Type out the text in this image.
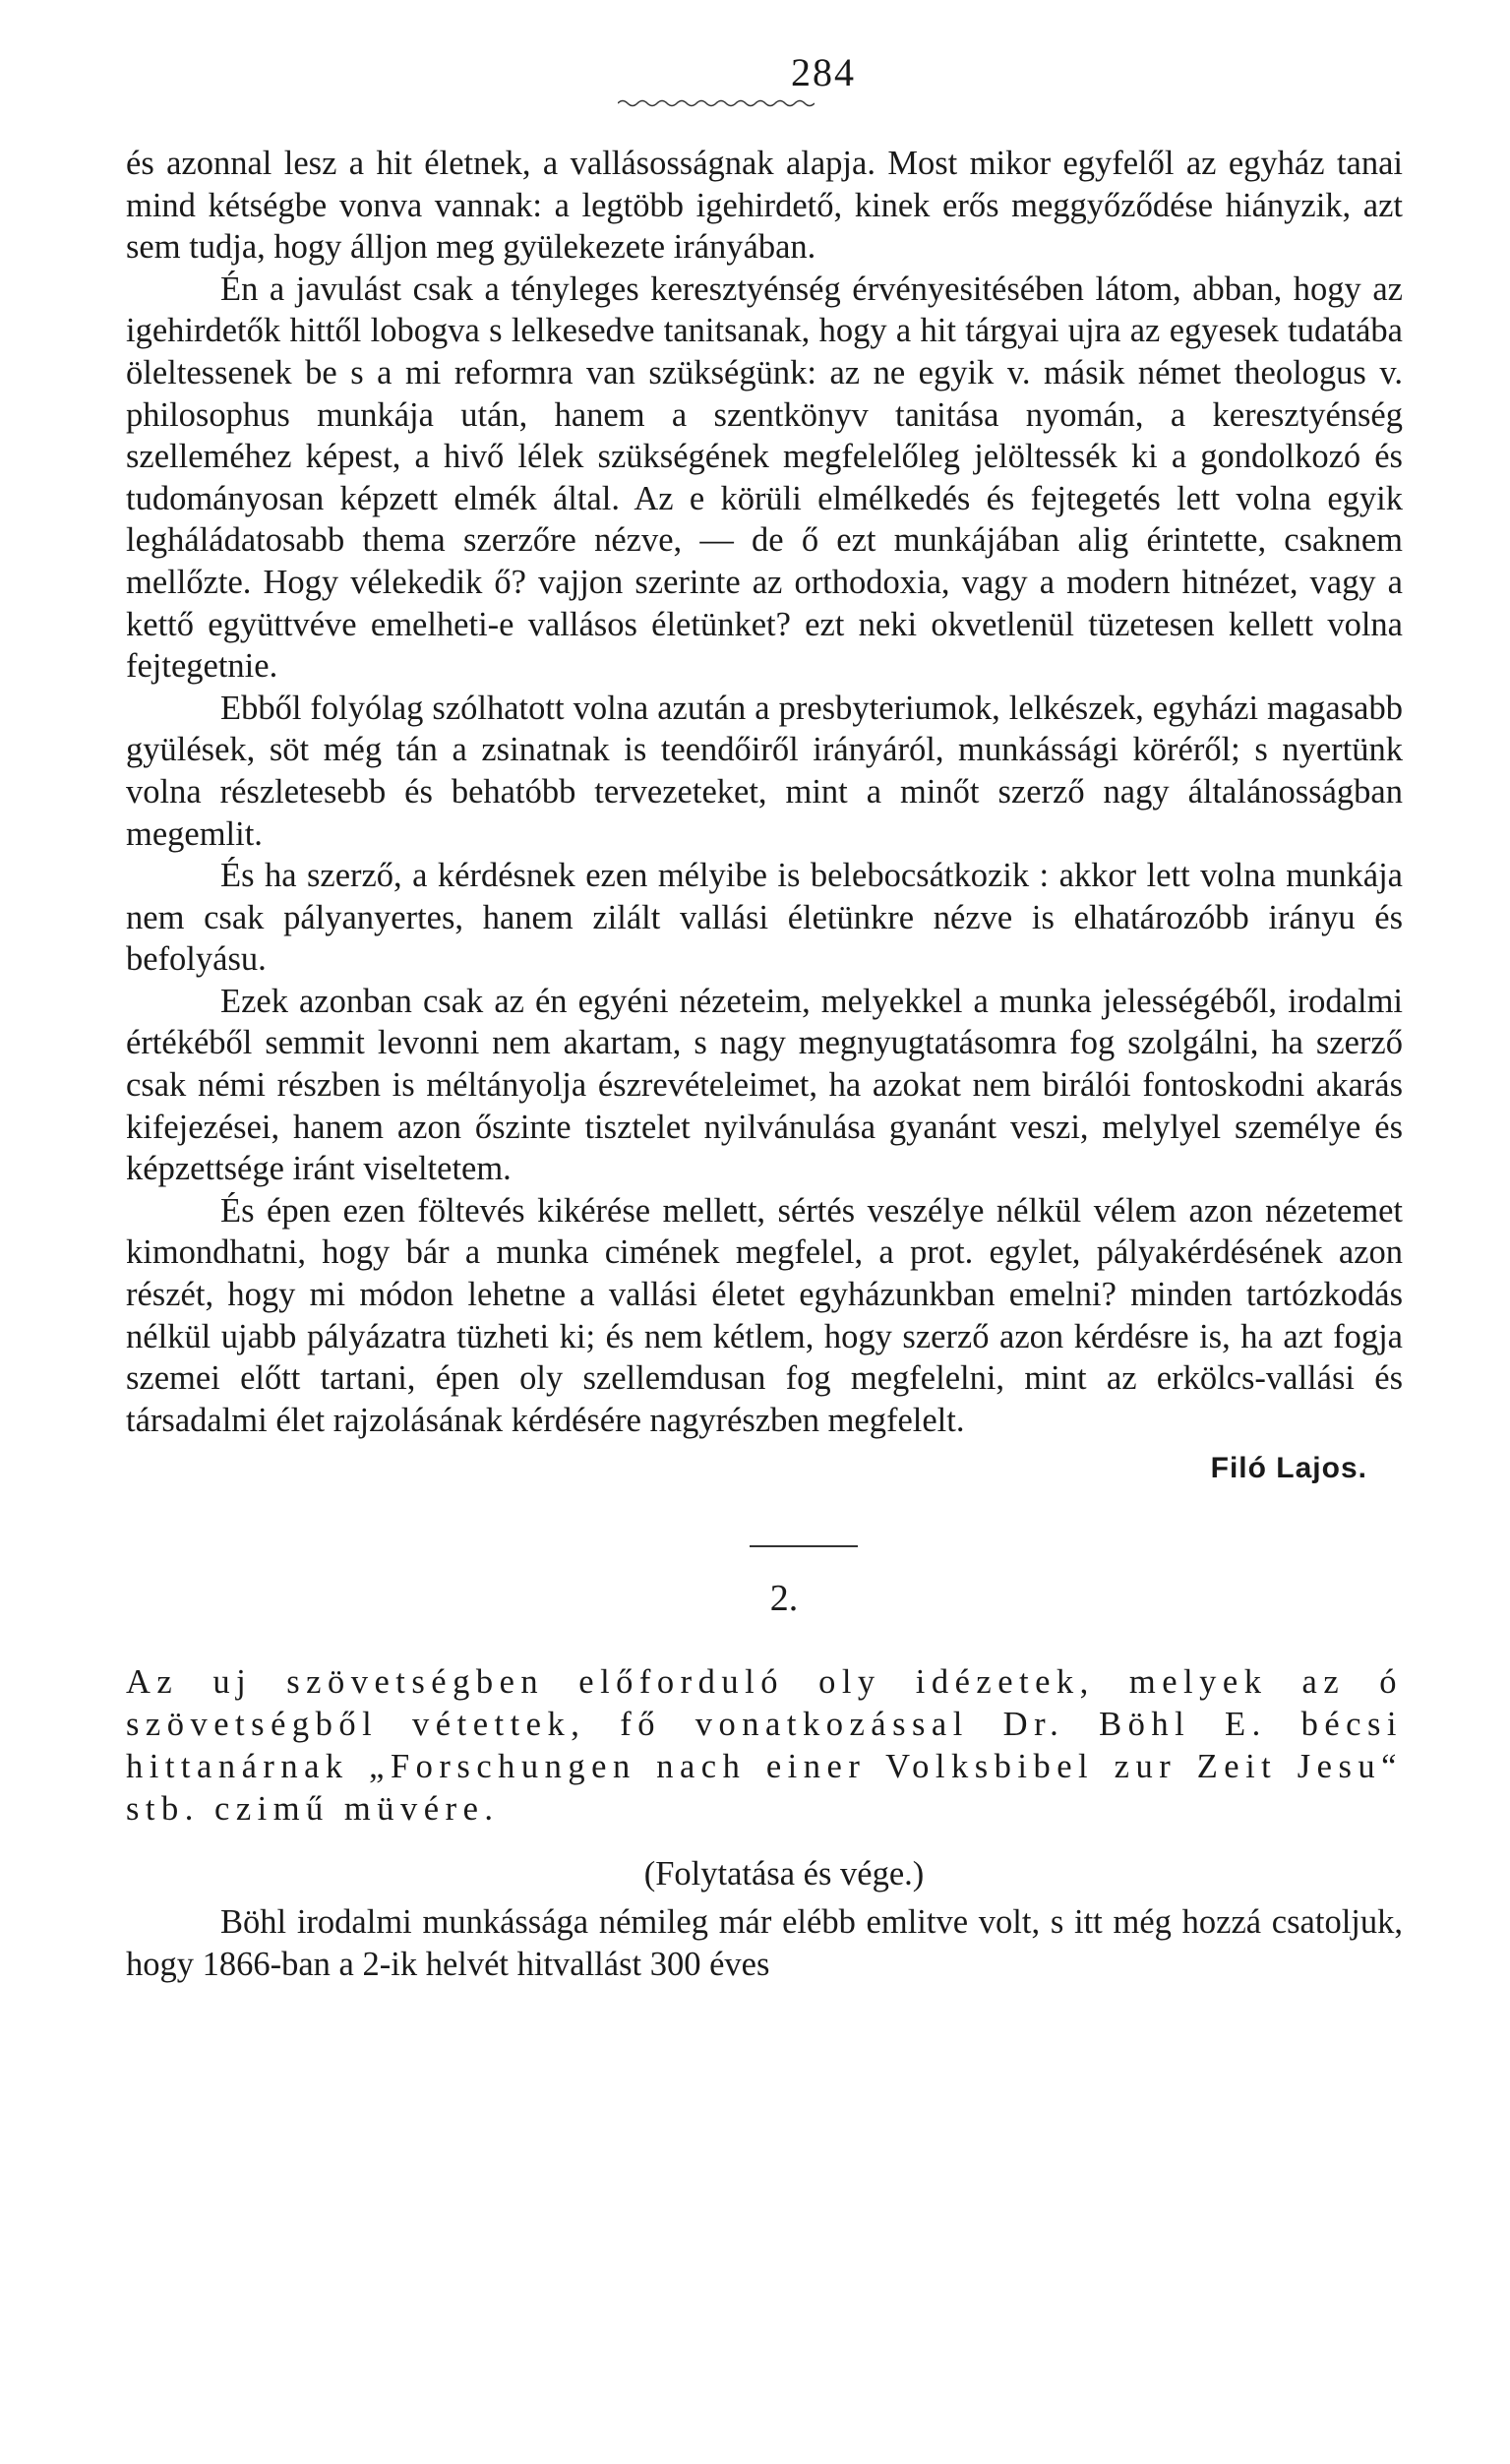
284

és azonnal lesz a hit életnek, a vallásosságnak alapja. Most mikor egyfelől az egyház tanai mind kétségbe vonva vannak: a legtöbb igehirdető, kinek erős meggyőződése hiányzik, azt sem tudja, hogy álljon meg gyülekezete irányában.

Én a javulást csak a tényleges keresztyénség érvényesitésében látom, abban, hogy az igehirdetők hittől lobogva s lelkesedve tanitsanak, hogy a hit tárgyai ujra az egyesek tudatába öleltessenek be s a mi reformra van szükségünk: az ne egyik v. másik német theologus v. philosophus munkája után, hanem a szentkönyv tanitása nyomán, a keresztyénség szelleméhez képest, a hivő lélek szükségének megfelelőleg jelöltessék ki a gondolkozó és tudományosan képzett elmék által. Az e körüli elmélkedés és fejtegetés lett volna egyik legháládatosabb thema szerzőre nézve, — de ő ezt munkájában alig érintette, csaknem mellőzte. Hogy vélekedik ő? vajjon szerinte az orthodoxia, vagy a modern hitnézet, vagy a kettő együttvéve emelheti-e vallásos életünket? ezt neki okvetlenül tüzetesen kellett volna fejtegetnie.

Ebből folyólag szólhatott volna azután a presbyteriumok, lelkészek, egyházi magasabb gyülések, söt még tán a zsinatnak is teendőiről irányáról, munkássági köréről; s nyertünk volna részletesebb és behatóbb tervezeteket, mint a minőt szerző nagy általánosságban megemlit.

És ha szerző, a kérdésnek ezen mélyibe is belebocsátkozik : akkor lett volna munkája nem csak pályanyertes, hanem zilált vallási életünkre nézve is elhatározóbb irányu és befolyásu.

Ezek azonban csak az én egyéni nézeteim, melyekkel a munka jelességéből, irodalmi értékéből semmit levonni nem akartam, s nagy megnyugtatásomra fog szolgálni, ha szerző csak némi részben is méltányolja észrevételeimet, ha azokat nem birálói fontoskodni akarás kifejezései, hanem azon őszinte tisztelet nyilvánulása gyanánt veszi, melylyel személye és képzettsége iránt viseltetem.

És épen ezen föltevés kikérése mellett, sértés veszélye nélkül vélem azon nézetemet kimondhatni, hogy bár a munka cimének megfelel, a prot. egylet, pályakérdésének azon részét, hogy mi módon lehetne a vallási életet egyházunkban emelni? minden tartózkodás nélkül ujabb pályázatra tüzheti ki; és nem kétlem, hogy szerző azon kérdésre is, ha azt fogja szemei előtt tartani, épen oly szellemdusan fog megfelelni, mint az erkölcs-vallási és társadalmi élet rajzolásának kérdésére nagyrészben megfelelt.

Filó Lajos.
2.

Az uj szövetségben előforduló oly idézetek, melyek az ó szövetségből vétettek, fő vonatkozással Dr. Böhl E. bécsi hittanárnak „Forschungen nach einer Volksbibel zur Zeit Jesu“ stb. czimű müvére.

(Folytatása és vége.)

Böhl irodalmi munkássága némileg már elébb emlitve volt, s itt még hozzá csatoljuk, hogy 1866-ban a 2-ik helvét hitvallást 300 éves
